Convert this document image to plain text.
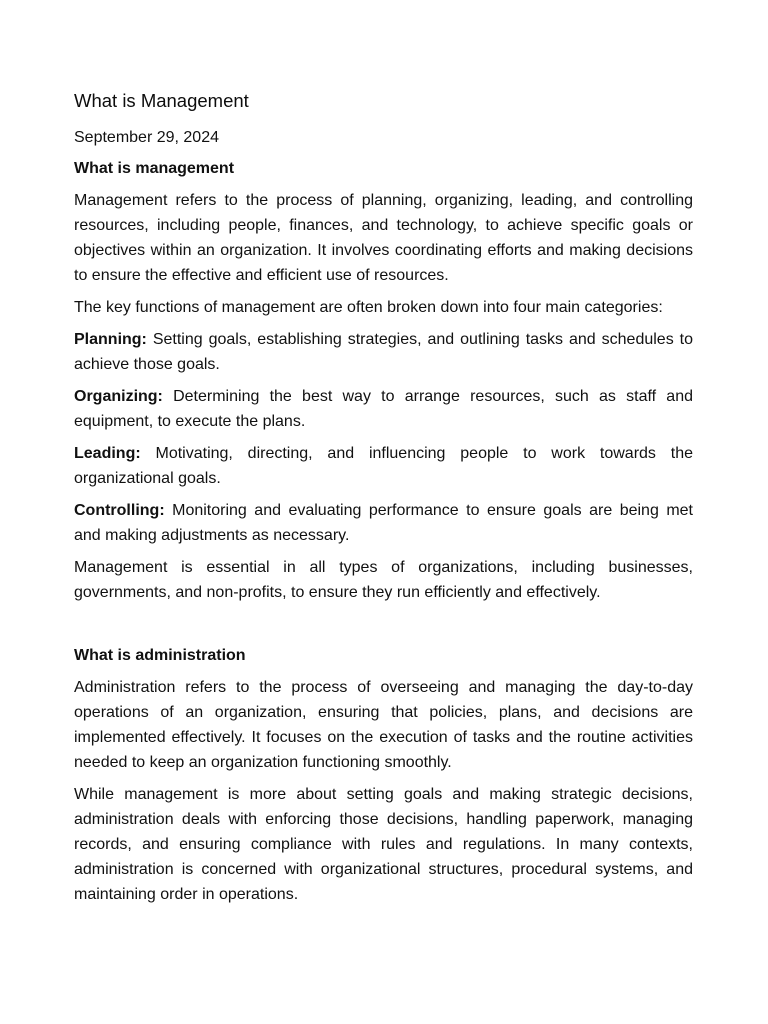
What is Management
September 29, 2024
What is management

Management refers to the process of planning, organizing, leading, and controlling resources, including people, finances, and technology, to achieve specific goals or objectives within an organization. It involves coordinating efforts and making decisions to ensure the effective and efficient use of resources.

The key functions of management are often broken down into four main categories:

Planning: Setting goals, establishing strategies, and outlining tasks and schedules to achieve those goals.

Organizing: Determining the best way to arrange resources, such as staff and equipment, to execute the plans.

Leading: Motivating, directing, and influencing people to work towards the organizational goals.

Controlling: Monitoring and evaluating performance to ensure goals are being met and making adjustments as necessary.

Management is essential in all types of organizations, including businesses, governments, and non-profits, to ensure they run efficiently and effectively.

What is administration

Administration refers to the process of overseeing and managing the day-to-day operations of an organization, ensuring that policies, plans, and decisions are implemented effectively. It focuses on the execution of tasks and the routine activities needed to keep an organization functioning smoothly.

While management is more about setting goals and making strategic decisions, administration deals with enforcing those decisions, handling paperwork, managing records, and ensuring compliance with rules and regulations. In many contexts, administration is concerned with organizational structures, procedural systems, and maintaining order in operations.
